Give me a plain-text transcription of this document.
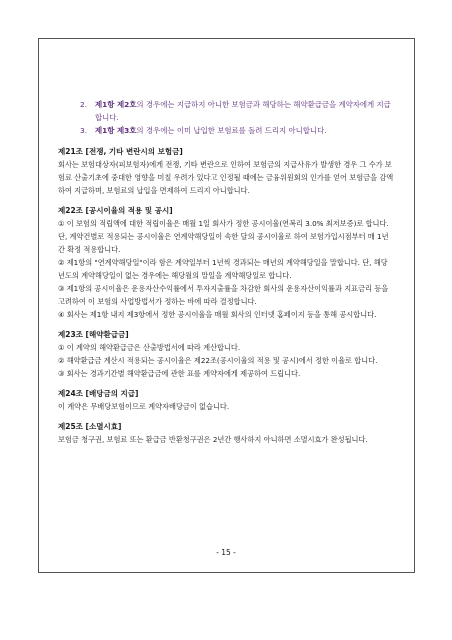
2. 제1항 제2호의 경우에는 지급하지 아니한 보험금과 해당하는 해약환급금을 계약자에게 지급합니다.
3. 제1항 제3호의 경우에는 이미 납입한 보험료를 돌려 드리지 아니합니다.
제21조 [전쟁, 기타 변란시의 보험금]
회사는 보험대상자(피보험자)에게 전쟁, 기타 변란으로 인하여 보험금의 지급사유가 발생한 경우 그 수가 보험료 산출기초에 중대한 영향을 미칠 우려가 있다고 인정될 때에는 금융위원회의 인가를 얻어 보험금을 감액하여 지급하며, 보험료의 납입을 면제하여 드리지 아니합니다.
제22조 [공시이율의 적용 및 공시]
① 이 보험의 적립액에 대한 적립이율은 매월 1일 회사가 정한 공시이율(연복리 3.0% 최저보증)로 합니다. 단, 계약건별로 적용되는 공시이율은 연계약해당일이 속한 달의 공시이율로 하여 보험가입시점부터 매 1년간 확정 적용합니다.
② 제1항의 "연계약해당일"이라 함은 계약일부터 1년씩 경과되는 매년의 계약해당일을 말합니다. 단, 해당 년도의 계약해당일이 없는 경우에는 해당월의 말일을 계약해당일로 합니다.
③ 제1항의 공시이율은 운용자산수익률에서 투자지출률을 차감한 회사의 운용자산이익률과 지표금리 등을 고려하여 이 보험의 사업방법서가 정하는 바에 따라 결정합니다.
④ 회사는 제1항 내지 제3항에서 정한 공시이율을 매월 회사의 인터넷 홈페이지 등을 통해 공시합니다.
제23조 [해약환급금]
① 이 계약의 해약환급금은 산출방법서에 따라 계산합니다.
② 해약환급금 계산시 적용되는 공시이율은 제22조(공시이율의 적용 및 공시)에서 정한 이율로 합니다.
③ 회사는 경과기간별 해약환급금에 관한 표를 계약자에게 제공하여 드립니다.
제24조 [배당금의 지급]
이 계약은 무배당보험이므로 계약자배당금이 없습니다.
제25조 [소멸시효]
보험금 청구권, 보험료 또는 환급금 반환청구권은 2년간 행사하지 아니하면 소멸시효가 완성됩니다.
- 15 -
